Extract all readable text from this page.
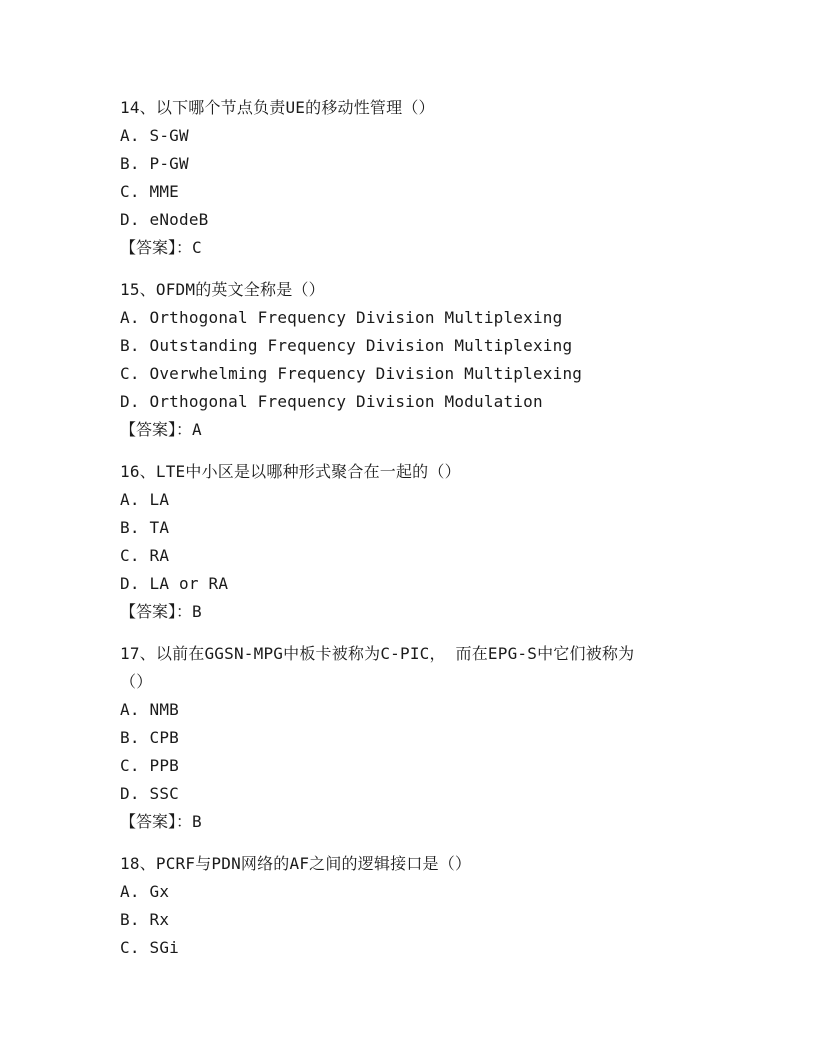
14、以下哪个节点负责UE的移动性管理（）
A. S-GW
B. P-GW
C. MME
D. eNodeB
【答案】：C
15、OFDM的英文全称是（）
A. Orthogonal Frequency Division Multiplexing
B. Outstanding Frequency Division Multiplexing
C. Overwhelming Frequency Division Multiplexing
D. Orthogonal Frequency Division Modulation
【答案】：A
16、LTE中小区是以哪种形式聚合在一起的（）
A. LA
B. TA
C. RA
D. LA or RA
【答案】：B
17、以前在GGSN-MPG中板卡被称为C-PIC， 而在EPG-S中它们被称为
（）
A. NMB
B. CPB
C. PPB
D. SSC
【答案】：B
18、PCRF与PDN网络的AF之间的逻辑接口是（）
A. Gx
B. Rx
C. SGi
